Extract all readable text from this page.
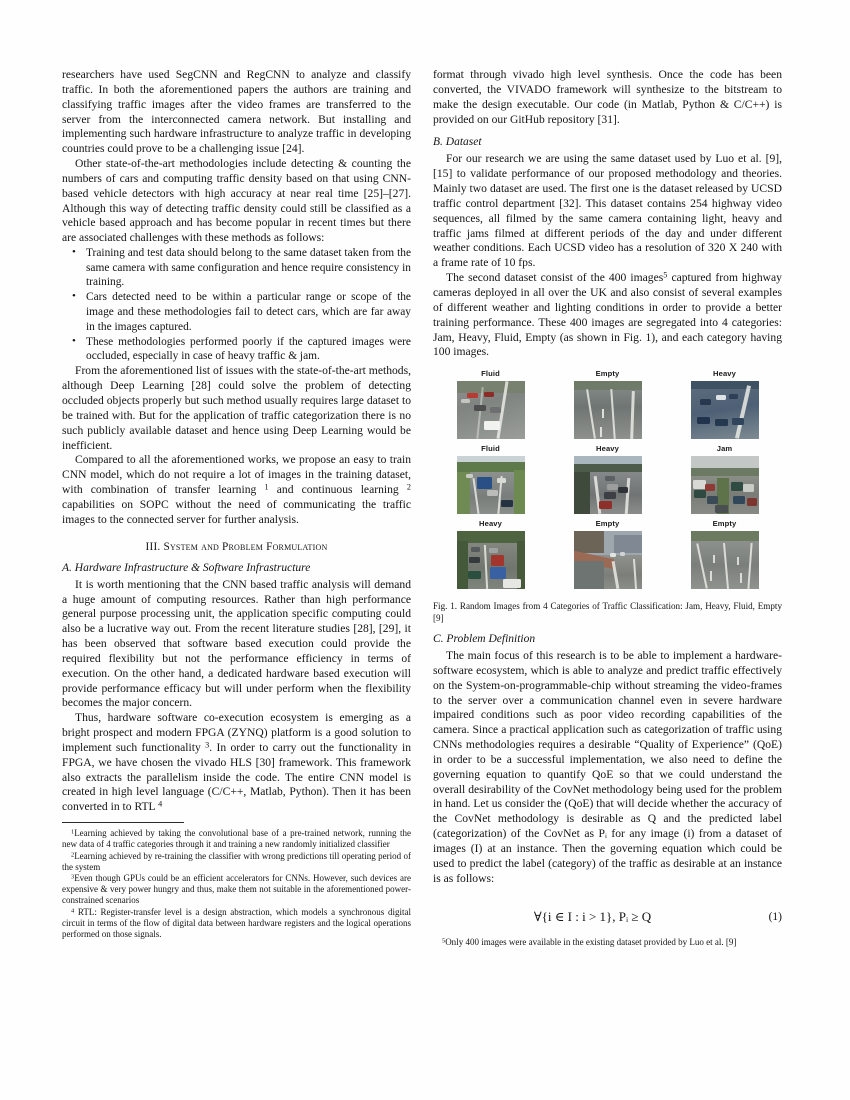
researchers have used SegCNN and RegCNN to analyze and classify traffic. In both the aforementioned papers the authors are training and classifying traffic images after the video frames are transferred to the server from the interconnected camera network. But installing and implementing such hardware infrastructure to analyze traffic in developing countries could prove to be a challenging issue [24].

Other state-of-the-art methodologies include detecting & counting the numbers of cars and computing traffic density based on that using CNN-based vehicle detectors with high accuracy at near real time [25]–[27]. Although this way of detecting traffic density could still be classified as a vehicle based approach and has become popular in recent times but there are associated challenges with these methods as follows:

• Training and test data should belong to the same dataset taken from the same camera with same configuration and hence require consistency in training.
• Cars detected need to be within a particular range or scope of the image and these methodologies fail to detect cars, which are far away in the images captured.
• These methodologies performed poorly if the captured images were occluded, especially in case of heavy traffic & jam.

From the aforementioned list of issues with the state-of-the-art methods, although Deep Learning [28] could solve the problem of detecting occluded objects properly but such method usually requires large dataset to be trained with. But for the application of traffic categorization there is no such publicly available dataset and hence using Deep Learning would be inefficient.

Compared to all the aforementioned works, we propose an easy to train CNN model, which do not require a lot of images in the training dataset, with combination of transfer learning $^1$ and continuous learning $^2$ capabilities on SOPC without the need of communicating the traffic images to the connected server for further analysis.

III. System and Problem Formulation
A. Hardware Infrastructure & Software Infrastructure

It is worth mentioning that the CNN based traffic analysis will demand a huge amount of computing resources. Rather than high performance general purpose processing unit, the application specific computing could also be a lucrative way out. From the recent literature studies [28], [29], it has been observed that software based execution could provide the required flexibility but not the performance efficiency in terms of execution. On the other hand, a dedicated hardware based execution will provide performance efficacy but will under perform when the flexibility becomes the major concern.

Thus, hardware software co-execution ecosystem is emerging as a bright prospect and modern FPGA (ZYNQ) platform is a good solution to implement such functionality $^3$. In order to carry out the functionality in FPGA, we have chosen the vivado HLS [30] framework. This framework also extracts the parallelism inside the code. The entire CNN model is created in high level language (C/C++, Matlab, Python). Then it has been converted in to RTL $^4$

$^1$Learning achieved by taking the convolutional base of a pre-trained network, running the new data of 4 traffic categories through it and training a new randomly initialized classifier

$^2$Learning achieved by re-training the classifier with wrong predictions till operating period of the system

$^3$Even though GPUs could be an efficient accelerators for CNNs. However, such devices are expensive & very power hungry and thus, make them not suitable in the aforementioned power-constrained scenarios

$^4$ RTL: Register-transfer level is a design abstraction, which models a synchronous digital circuit in terms of the flow of digital data between hardware registers and the logical operations performed on those signals.

format through vivado high level synthesis. Once the code has been converted, the VIVADO framework will synthesize to the bitstream to make the design executable. Our code (in Matlab, Python & C/C++) is provided on our GitHub repository [31].

B. Dataset

For our research we are using the same dataset used by Luo et al. [9], [15] to validate performance of our proposed methodology and theories. Mainly two dataset are used. The first one is the dataset released by UCSD traffic control department [32]. This dataset contains 254 highway video sequences, all filmed by the same camera containing light, heavy and traffic jams filmed at different periods of the day and under different weather conditions. Each UCSD video has a resolution of 320 X 240 with a frame rate of 10 fps.

The second dataset consist of the 400 images$^5$ captured from highway cameras deployed in all over the UK and also consist of several examples of different weather and lighting conditions in order to provide a better training performance. These 400 images are segregated into 4 categories: Jam, Heavy, Fluid, Empty (as shown in Fig. 1), and each category having 100 images.

Fluid	Empty	Heavy
Fluid	Heavy	Jam
Heavy	Empty	Empty

Fig. 1. Random Images from 4 Categories of Traffic Classification: Jam, Heavy, Fluid, Empty [9]

C. Problem Definition

The main focus of this research is to be able to implement a hardware-software ecosystem, which is able to analyze and predict traffic effectively on the System-on-programmable-chip without streaming the video-frames to the server over a communication channel even in severe hardware impaired conditions such as poor video recording capabilities of the camera. Since a practical application such as categorization of traffic using CNNs methodologies requires a desirable “Quality of Experience” (QoE) in order to be a successful implementation, we also need to define the governing equation to quantify QoE so that we could understand the overall desirability of the CovNet methodology being used for the problem in hand. Let us consider the (QoE) that will decide whether the accuracy of the CovNet methodology is desirable as Q and the predicted label (categorization) of the CovNet as Pᵢ for any image (i) from a dataset of images (I) at an instance. Then the governing equation which could be used to predict the label (category) of the traffic as desirable at an instance is as follows:

∀{i ∈ I : i > 1}, Pᵢ ≥ Q	(1)

$^5$Only 400 images were available in the existing dataset provided by Luo et al. [9]
